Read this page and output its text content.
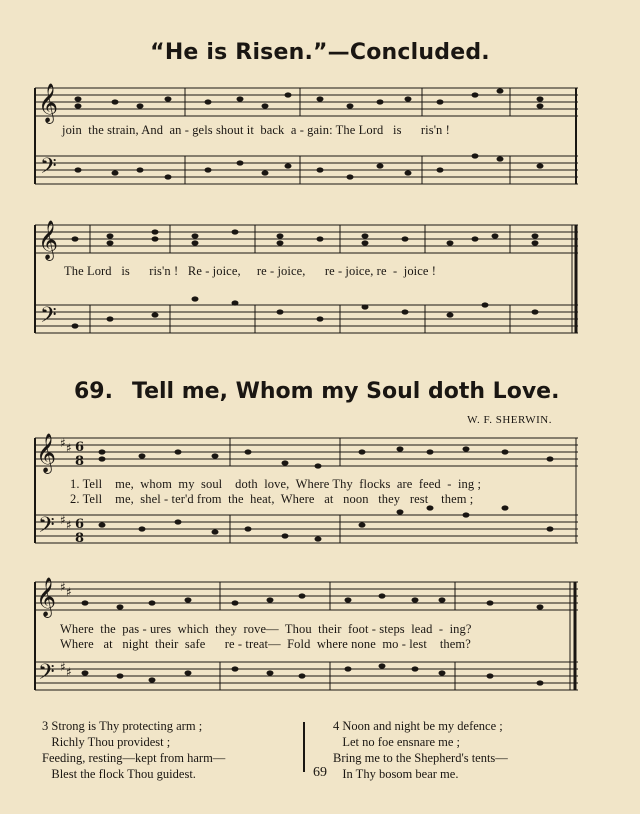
“He is Risen.”—Concluded.
𝄞
𝄢
join  the strain, And  an - gels shout it  back  a - gain: The Lord   is      ris'n !
𝄞
𝄢
The Lord   is      ris'n !   Re - joice,     re - joice,      re - joice, re  -  joice !
69. Tell me, Whom my Soul doth Love.
W. F. SHERWIN.
𝄞
𝄢
♯ ♯
♯ ♯
6
8
6
8
1. Tell    me,  whom  my  soul    doth  love,  Where Thy  flocks  are  feed  -  ing ;
2. Tell    me,  shel - ter'd from  the  heat,  Where   at   noon   they   rest    them ;
𝄞
𝄢
♯ ♯
♯ ♯
Where  the  pas - ures  which  they  rove—  Thou  their  foot - steps  lead  -  ing?
Where   at   night  their  safe      re - treat—  Fold  where none  mo - lest    them?
3 Strong is Thy protecting arm ;
Richly Thou providest ;
Feeding, resting—kept from harm—
Blest the flock Thou guidest.
4 Noon and night be my defence ;
Let no foe ensnare me ;
Bring me to the Shepherd's tents—
In Thy bosom bear me.
69
